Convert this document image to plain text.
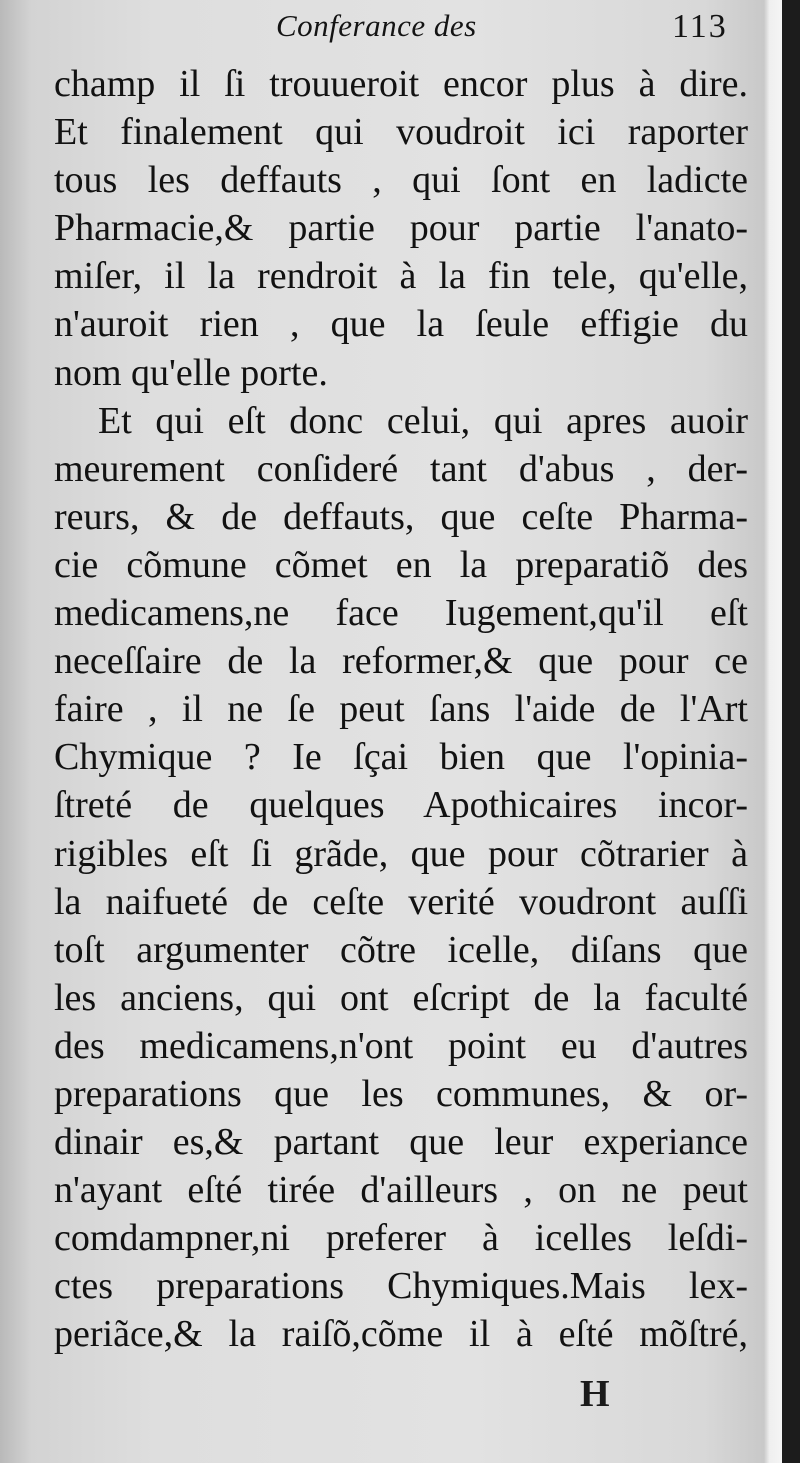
Conferance des	113
champ il ſi trouueroit encor plus à dire.
Et finalement qui voudroit ici raporter
tous les deffauts , qui ſont en ladicte
Pharmacie,& partie pour partie l'anato-
miſer, il la rendroit à la fin tele, qu'elle,
n'auroit rien , que la ſeule effigie du
nom qu'elle porte.
Et qui eſt donc celui, qui apres auoir
meurement conſideré tant d'abus , der-
reurs, & de deffauts, que ceſte Pharma-
cie cõmune cõmet en la preparatiõ des
medicamens,ne face Iugement,qu'il eſt
neceſſaire de la reformer,& que pour ce
faire , il ne ſe peut ſans l'aide de l'Art
Chymique ? Ie ſçai bien que l'opinia-
ſtreté de quelques Apothicaires incor-
rigibles eſt ſi grãde, que pour cõtrarier à
la naifueté de ceſte verité voudront auſſi
toſt argumenter cõtre icelle, diſans que
les anciens, qui ont eſcript de la faculté
des medicamens,n'ont point eu d'autres
preparations que les communes, & or-
dinair es,& partant que leur experiance
n'ayant eſté tirée d'ailleurs , on ne peut
comdampner,ni preferer à icelles leſdi-
ctes preparations Chymiques.Mais lex-
periãce,& la raiſõ,cõme il à eſté mõſtré,
H
